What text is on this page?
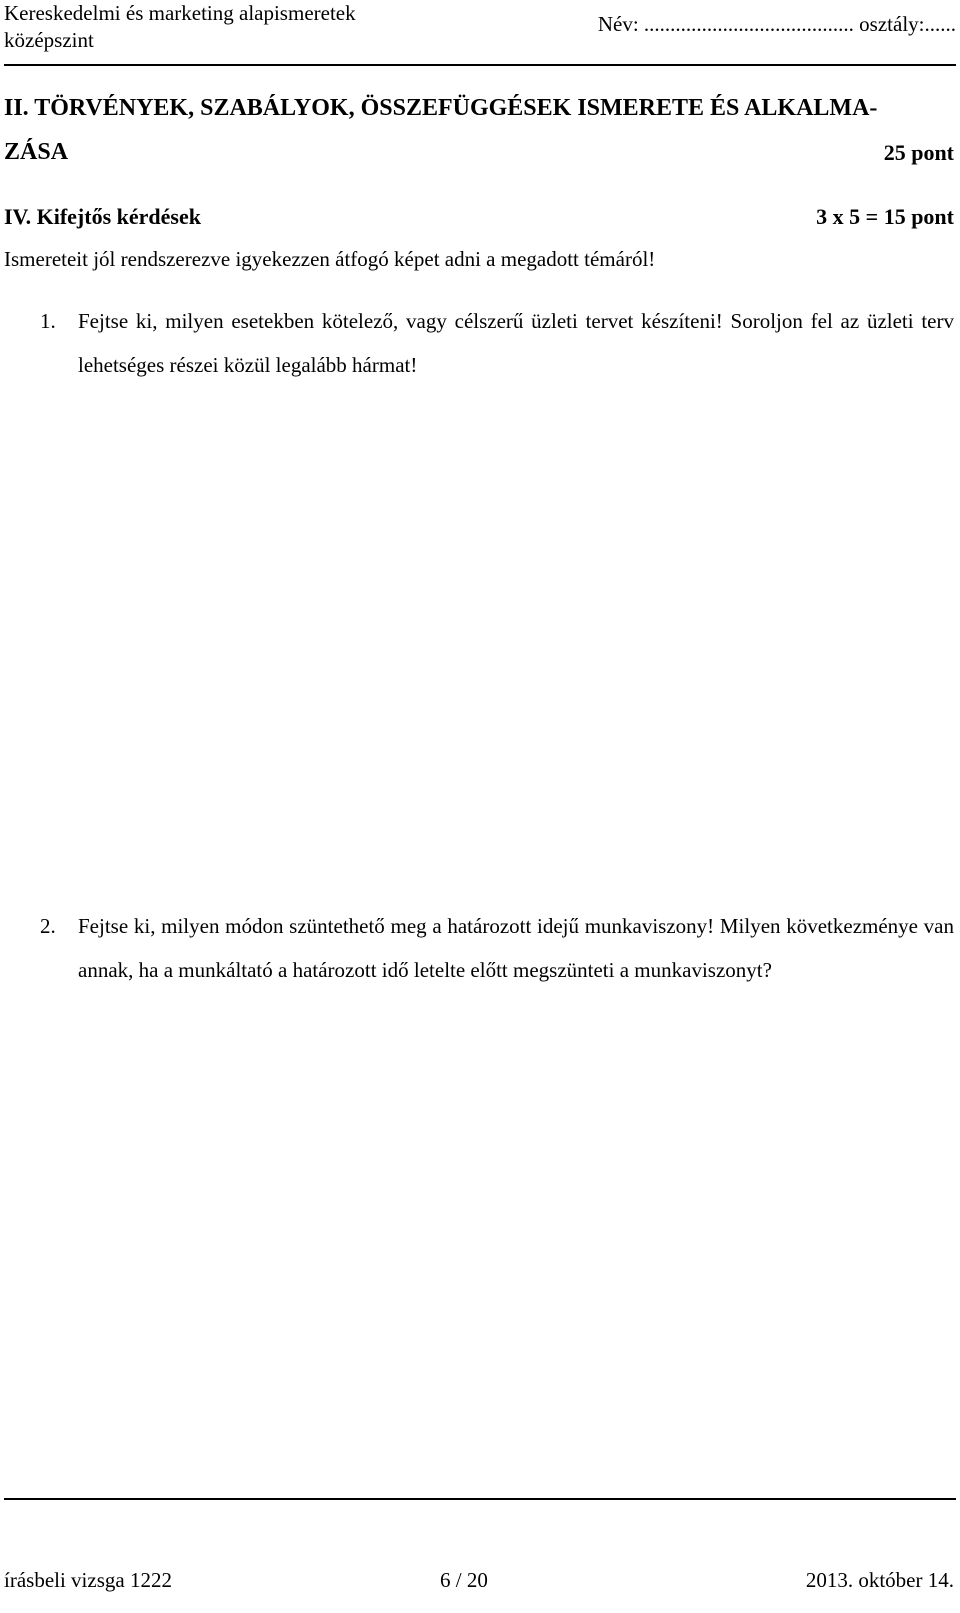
Kereskedelmi és marketing alapismeretek
középszint
Név: ........................................ osztály:......
II. TÖRVÉNYEK, SZABÁLYOK, ÖSSZEFÜGGÉSEK ISMERETE ÉS ALKALMA-
ZÁSA	25 pont
IV. Kifejtős kérdések	3 x 5 = 15 pont
Ismereteit jól rendszerezve igyekezzen átfogó képet adni a megadott témáról!
1.	Fejtse ki, milyen esetekben kötelező, vagy célszerű üzleti tervet készíteni! Soroljon fel az üzleti terv lehetséges részei közül legalább hármat!
2.	Fejtse ki, milyen módon szüntethető meg a határozott idejű munkaviszony! Milyen következménye van annak, ha a munkáltató a határozott idő letelte előtt megszünteti a munkaviszonyt?
írásbeli vizsga 1222	6 / 20	2013. október 14.
